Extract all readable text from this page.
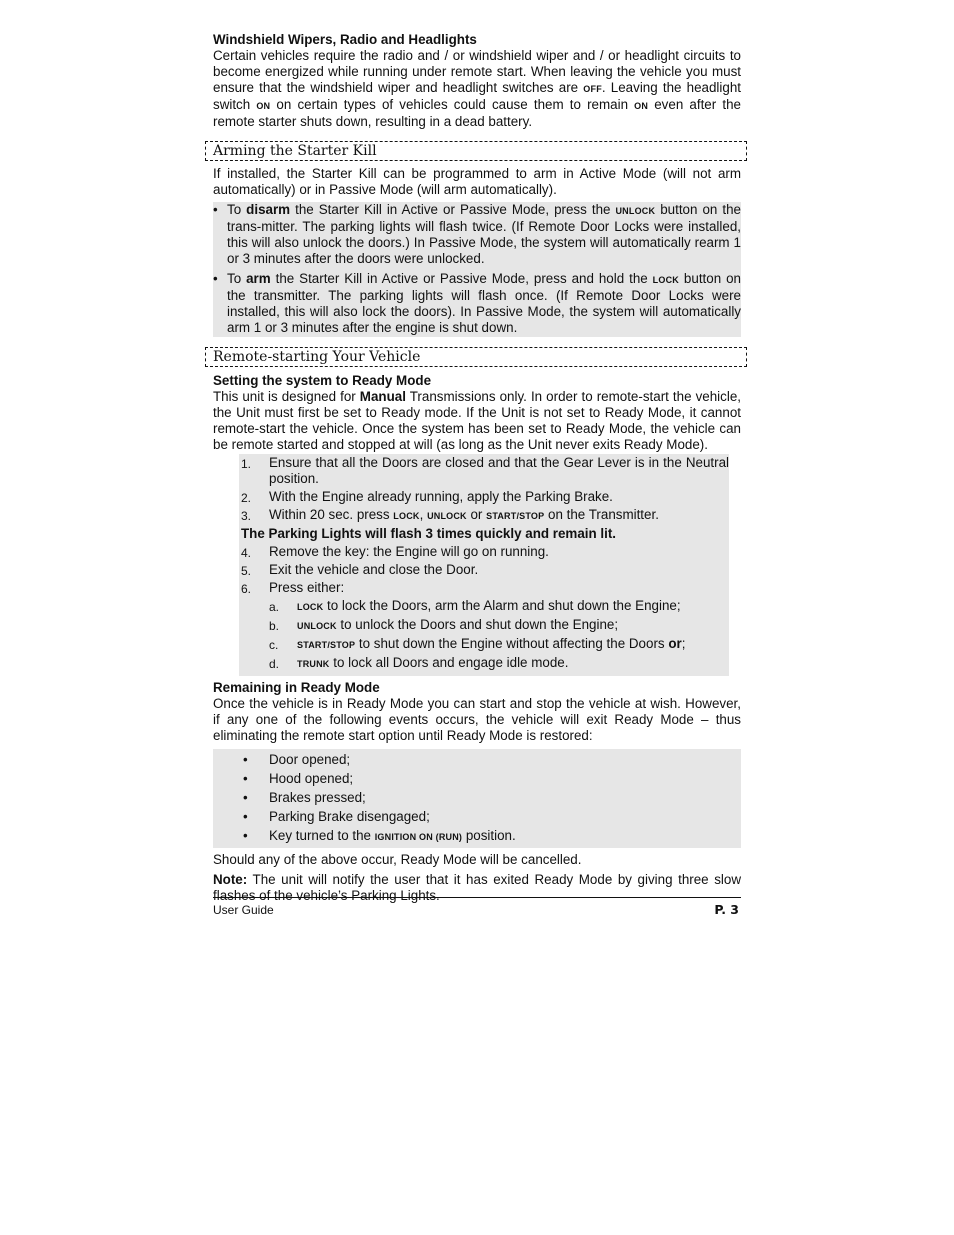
Windshield Wipers, Radio and Headlights

Certain vehicles require the radio and / or windshield wiper and / or headlight circuits to become energized while running under remote start. When leaving the vehicle you must ensure that the windshield wiper and headlight switches are OFF. Leaving the headlight switch ON on certain types of vehicles could cause them to remain ON even after the remote starter shuts down, resulting in a dead battery.

Arming the Starter Kill

If installed, the Starter Kill can be programmed to arm in Active Mode (will not arm automatically) or in Passive Mode (will arm automatically).

• To disarm the Starter Kill in Active or Passive Mode, press the UNLOCK button on the trans-mitter. The parking lights will flash twice. (If Remote Door Locks were installed, this will also unlock the doors.) In Passive Mode, the system will automatically rearm 1 or 3 minutes after the doors were unlocked.
• To arm the Starter Kill in Active or Passive Mode, press and hold the LOCK button on the transmitter. The parking lights will flash once. (If Remote Door Locks were installed, this will also lock the doors). In Passive Mode, the system will automatically arm 1 or 3 minutes after the engine is shut down.
Remote-starting Your Vehicle

Setting the system to Ready Mode

This unit is designed for Manual Transmissions only. In order to remote-start the vehicle, the Unit must first be set to Ready mode. If the Unit is not set to Ready Mode, it cannot remote-start the vehicle. Once the system has been set to Ready Mode, the vehicle can be remote started and stopped at will (as long as the Unit never exits Ready Mode).

1. Ensure that all the Doors are closed and that the Gear Lever is in the Neutral position.
2. With the Engine already running, apply the Parking Brake.
3. Within 20 sec. press LOCK, UNLOCK or START/STOP on the Transmitter.

The Parking Lights will flash 3 times quickly and remain lit.

4. Remove the key: the Engine will go on running.
5. Exit the vehicle and close the Door.
6. Press either:
a. LOCK to lock the Doors, arm the Alarm and shut down the Engine;
b. UNLOCK to unlock the Doors and shut down the Engine;
c. START/STOP to shut down the Engine without affecting the Doors or;
d. TRUNK to lock all Doors and engage idle mode.

Remaining in Ready Mode

Once the vehicle is in Ready Mode you can start and stop the vehicle at wish. However, if any one of the following events occurs, the vehicle will exit Ready Mode – thus eliminating the remote start option until Ready Mode is restored:

• Door opened;
• Hood opened;
• Brakes pressed;
• Parking Brake disengaged;
• Key turned to the IGNITION ON (RUN) position.

Should any of the above occur, Ready Mode will be cancelled.

Note: The unit will notify the user that it has exited Ready Mode by giving three slow flashes of the vehicle’s Parking Lights.

User Guide	P. 3
